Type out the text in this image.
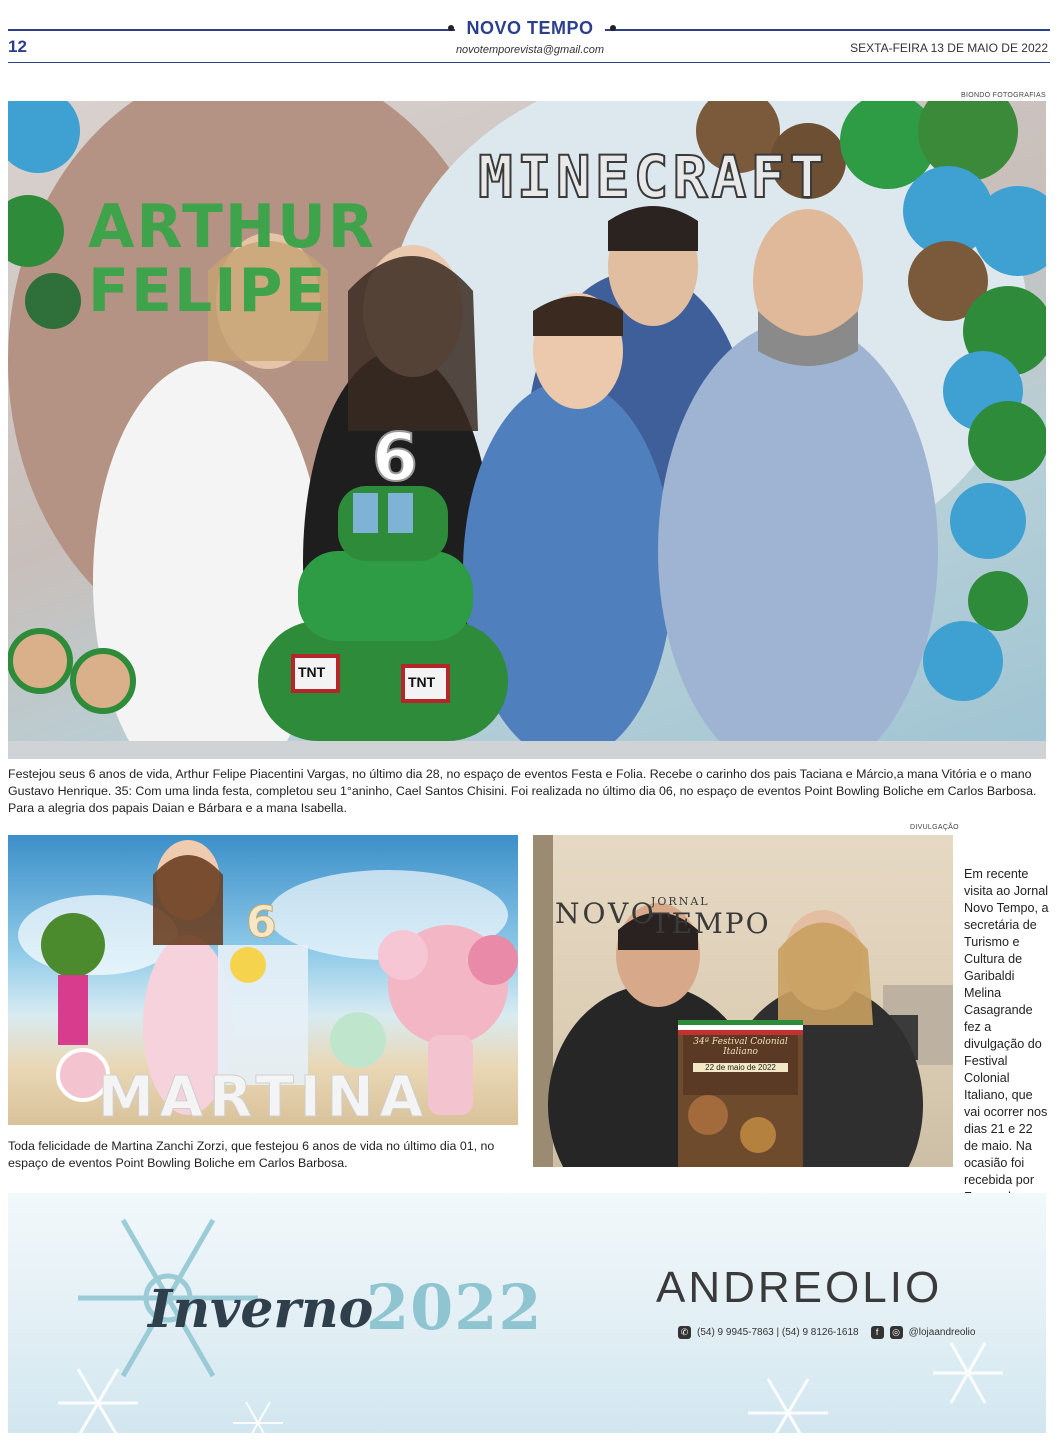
NOVO TEMPO
novotemporevista@gmail.com
12	SEXTA-FEIRA 13 DE MAIO DE 2022
BIONDO FOTOGRAFIAS
ARTHUR
FELIPE
MINECRAFT
6
TNT
TNT
Festejou seus 6 anos de vida, Arthur Felipe Piacentini Vargas, no último dia 28, no espaço de eventos Festa e Folia. Recebe o carinho dos pais Taciana e Márcio,a mana Vitória e o mano Gustavo Henrique. 35: Com uma linda festa, completou seu 1°aninho, Cael Santos Chisini. Foi realizada no último dia 06, no espaço de eventos Point Bowling Boliche em Carlos Barbosa. Para a alegria dos papais Daian e Bárbara e a mana Isabella.
MARTINA
6
Toda felicidade de Martina Zanchi Zorzi, que festejou 6 anos de vida no último dia 01, no espaço de eventos Point Bowling Boliche em Carlos Barbosa.
DIVULGAÇÃO
NOVO
JORNAL
TEMPO
34ª Festival Colonial Italiano
22 de maio de 2022
Em recente visita ao Jornal Novo Tempo, a secretária de Turismo e Cultura de Garibaldi Melina Casagrande fez a divulgação do Festival Colonial Italiano, que vai ocorrer nos dias 21 e 22 de maio. Na ocasião foi recebida por
Inverno
2022	ANDREOLIO
✆ (54) 9 9945-7863 | (54) 9 8126-1618	f	◎ @lojaandreolio
